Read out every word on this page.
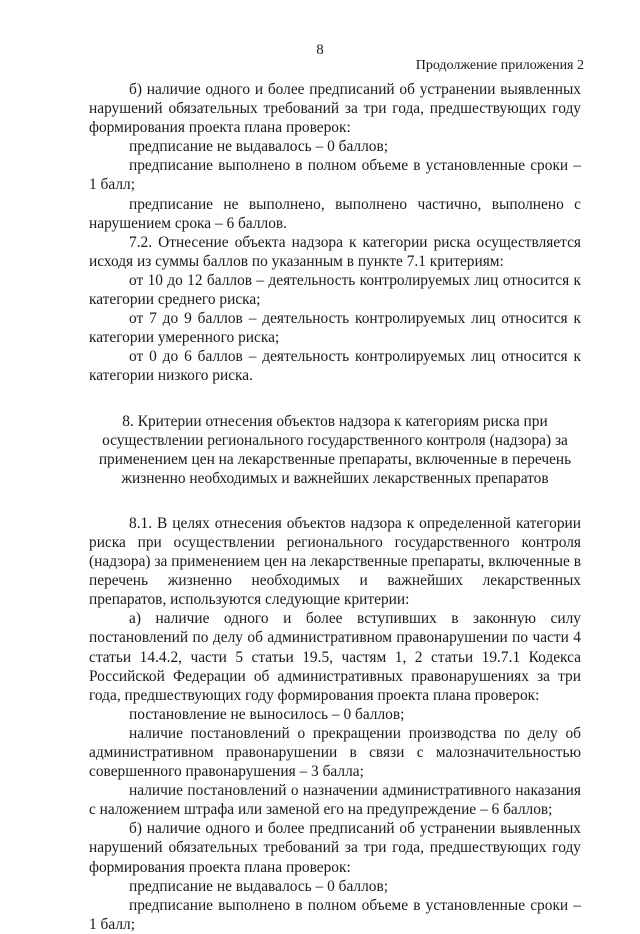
8
Продолжение приложения 2

б) наличие одного и более предписаний об устранении выявленных нарушений обязательных требований за три года, предшествующих году формирования проекта плана проверок:

предписание не выдавалось – 0 баллов;

предписание выполнено в полном объеме в установленные сроки – 1 балл;

предписание не выполнено, выполнено частично, выполнено с нарушением срока – 6 баллов.

7.2. Отнесение объекта надзора к категории риска осуществляется исходя из суммы баллов по указанным в пункте 7.1 критериям:

от 10 до 12 баллов – деятельность контролируемых лиц относится к категории среднего риска;

от 7 до 9 баллов – деятельность контролируемых лиц относится к категории умеренного риска;

от 0 до 6 баллов – деятельность контролируемых лиц относится к категории низкого риска.

8. Критерии отнесения объектов надзора к категориям риска при осуществлении регионального государственного контроля (надзора) за применением цен на лекарственные препараты, включенные в перечень жизненно необходимых и важнейших лекарственных препаратов

8.1. В целях отнесения объектов надзора к определенной категории риска при осуществлении регионального государственного контроля (надзора) за применением цен на лекарственные препараты, включенные в перечень жизненно необходимых и важнейших лекарственных препаратов, используются следующие критерии:

а) наличие одного и более вступивших в законную силу постановлений по делу об административном правонарушении по части 4 статьи 14.4.2, части 5 статьи 19.5, частям 1, 2 статьи 19.7.1 Кодекса Российской Федерации об административных правонарушениях за три года, предшествующих году формирования проекта плана проверок:

постановление не выносилось – 0 баллов;

наличие постановлений о прекращении производства по делу об административном правонарушении в связи с малозначительностью совершенного правонарушения – 3 балла;

наличие постановлений о назначении административного наказания с наложением штрафа или заменой его на предупреждение – 6 баллов;

б) наличие одного и более предписаний об устранении выявленных нарушений обязательных требований за три года, предшествующих году формирования проекта плана проверок:

предписание не выдавалось – 0 баллов;

предписание выполнено в полном объеме в установленные сроки – 1 балл;
